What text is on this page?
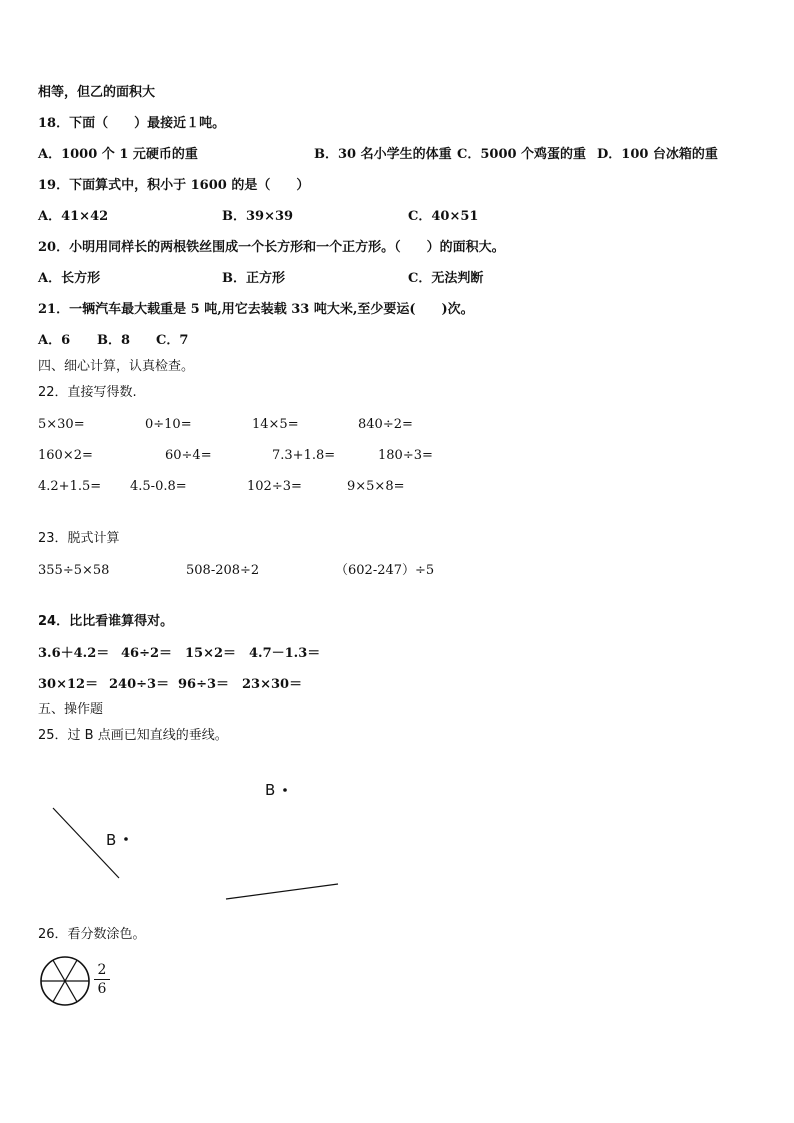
相等，但乙的面积大
18．下面（　　）最接近１吨。
A．1000 个 1 元硬币的重	B．30 名小学生的体重 C．5000 个鸡蛋的重 D．100 台冰箱的重
19．下面算式中，积小于 1600 的是（　　）
A．41×42	B．39×39	C．40×51
20．小明用同样长的两根铁丝围成一个长方形和一个正方形。（　　）的面积大。
A．长方形	B．正方形	C．无法判断
21．一辆汽车最大载重是 5 吨,用它去装载 33 吨大米,至少要运(　　)次。
A．6 B．8 C．7
四、细心计算，认真检查。
22．直接写得数.
5×30=	0÷10=	14×5=	840÷2=
160×2=	60÷4=	7.3+1.8=	180÷3=
4.2+1.5= 4.5-0.8=	102÷3=	9×5×8=
23．脱式计算
355÷5×58	508-208÷2	（602-247）÷5
24．比比看谁算得对。
3.6＋4.2＝ 46÷2＝ 15×2＝ 4.7－1.3＝
30×12＝ 240÷3＝ 96÷3＝ 23×30＝
五、操作题
25．过 B 点画已知直线的垂线。
B
B
26．看分数涂色。
2
6
